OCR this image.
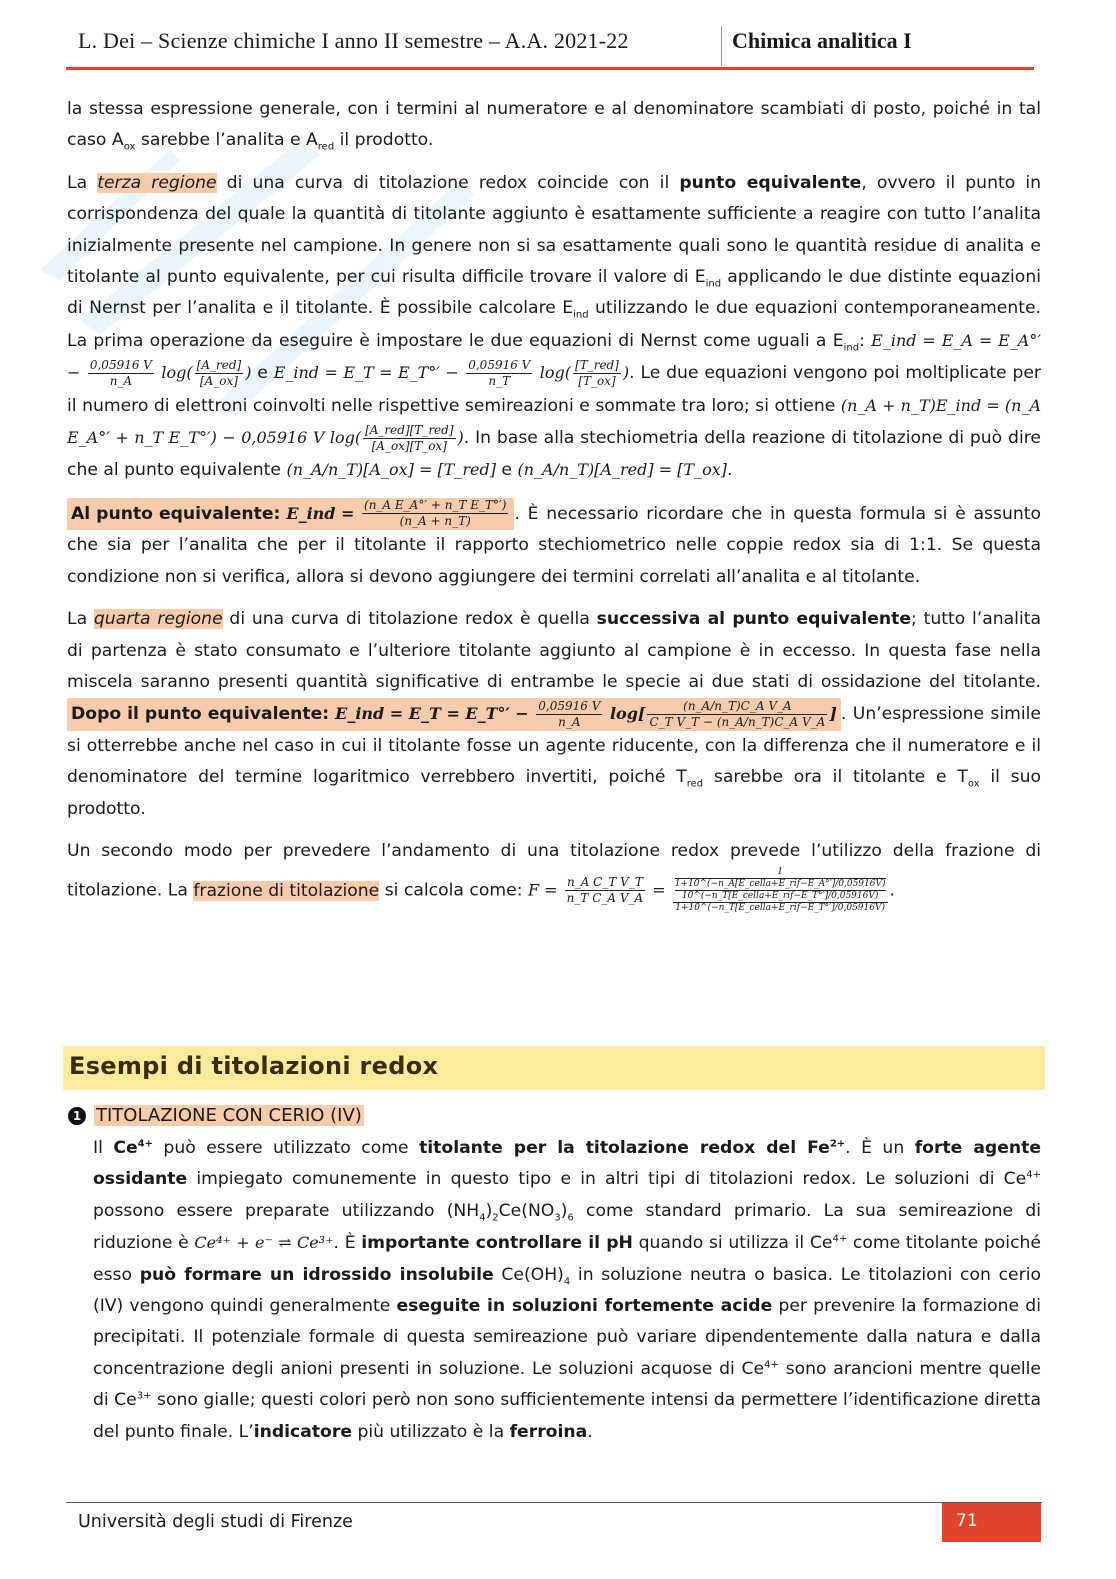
L. Dei – Scienze chimiche I anno II semestre – A.A. 2021-22	Chimica analitica I

la stessa espressione generale, con i termini al numeratore e al denominatore scambiati di posto, poiché in tal caso $A_{ox}$ sarebbe l’analita e $A_{red}$ il prodotto.

La terza regione di una curva di titolazione redox coincide con il punto equivalente, ovvero il punto in corrispondenza del quale la quantità di titolante aggiunto è esattamente sufficiente a reagire con tutto l’analita inizialmente presente nel campione. In genere non si sa esattamente quali sono le quantità residue di analita e titolante al punto equivalente, per cui risulta difficile trovare il valore di $E_{ind}$ applicando le due distinte equazioni di Nernst per l’analita e il titolante. È possibile calcolare $E_{ind}$ utilizzando le due equazioni contemporaneamente. La prima operazione da eseguire è impostare le due equazioni di Nernst come uguali a $E_{ind}$: E_ind = E_A = E_A°′ − $\frac{0,05916 V}{n\_A} \log( \frac{\text{[A\_red]}}{[A\_ox]}$ ) e E_ind = E_T = E_T°′ − $\frac{0,05916 V}{n\_T} \log( \frac{\text{[T\_red]}}{[T\_ox]}$ ). Le due equazioni vengono poi moltiplicate per il numero di elettroni coinvolti nelle rispettive semireazioni e sommate tra loro; si ottiene (n_A + n_T)E_ind = (n_A E_A°′ + n_T E_T°′) − 0,05916 V $\log( \frac{\text{[A\_red][T\_red]}}{[A\_ox][T\_ox]}$ ). In base alla stechiometria della reazione di titolazione di può dire che al punto equivalente (n_A/n_T)[A_ox] = [T_red] e (n_A/n_T)[A_red] = [T_ox].

Al punto equivalente: E_ind = $\frac{\text{(n\_A E\_A°′ + n\_T E\_T°′)}}{(n\_A + n\_T)}$ . È necessario ricordare che in questa formula si è assunto che sia per l’analita che per il titolante il rapporto stechiometrico nelle coppie redox sia di 1:1. Se questa condizione non si verifica, allora si devono aggiungere dei termini correlati all’analita e al titolante.

La quarta regione di una curva di titolazione redox è quella successiva al punto equivalente; tutto l’analita di partenza è stato consumato e l’ulteriore titolante aggiunto al campione è in eccesso. In questa fase nella miscela saranno presenti quantità significative di entrambe le specie ai due stati di ossidazione del titolante. Dopo il punto equivalente: E_ind = E_T = E_T°′ − $\frac{0,05916 V}{n\_A} \log[ \frac{\text{(n\_A/n\_T)C\_A V\_A}}{\text{C\_T V\_T − (n\_A/n\_T)C\_A V\_A}}$ ] . Un’espressione simile si otterrebbe anche nel caso in cui il titolante fosse un agente riducente, con la differenza che il numeratore e il denominatore del termine logaritmico verrebbero invertiti, poiché $T_{red}$ sarebbe ora il titolante e $T_{ox}$ il suo prodotto.

Un secondo modo per prevedere l’andamento di una titolazione redox prevede l’utilizzo della frazione di titolazione. La frazione di titolazione si calcola come: $F = \frac{\text{n\_A C\_T V\_T}}{\text{n\_T C\_A V\_A}}$ =
1
1+10^(−n_A[E_cella+E_rif−E_A°′]/0,05916V)
10^(−n_T[E_cella+E_rif−E_T°′]/0,05916V)
1+10^(−n_T[E_cella+E_rif−E_T°′]/0,05916V)
.

Esempi di titolazioni redox
1 TITOLAZIONE CON CERIO (IV)
Il $Ce^{4+}$ può essere utilizzato come titolante per la titolazione redox del $Fe^{2+}$. È un forte agente ossidante impiegato comunemente in questo tipo e in altri tipi di titolazioni redox. Le soluzioni di $Ce^{4+}$ possono essere preparate utilizzando $(NH_4)_2Ce(NO_3)_6$ come standard primario. La sua semireazione di riduzione è Ce⁴⁺ + e⁻ ⇌ Ce³⁺. È importante controllare il pH quando si utilizza il $Ce^{4+}$ come titolante poiché esso può formare un idrossido insolubile $Ce(OH)_4$ in soluzione neutra o basica. Le titolazioni con cerio (IV) vengono quindi generalmente eseguite in soluzioni fortemente acide per prevenire la formazione di precipitati. Il potenziale formale di questa semireazione può variare dipendentemente dalla natura e dalla concentrazione degli anioni presenti in soluzione. Le soluzioni acquose di $Ce^{4+}$ sono arancioni mentre quelle di $Ce^{3+}$ sono gialle; questi colori però non sono sufficientemente intensi da permettere l’identificazione diretta del punto finale. L’indicatore più utilizzato è la ferroina.
Università degli studi di Firenze	71
